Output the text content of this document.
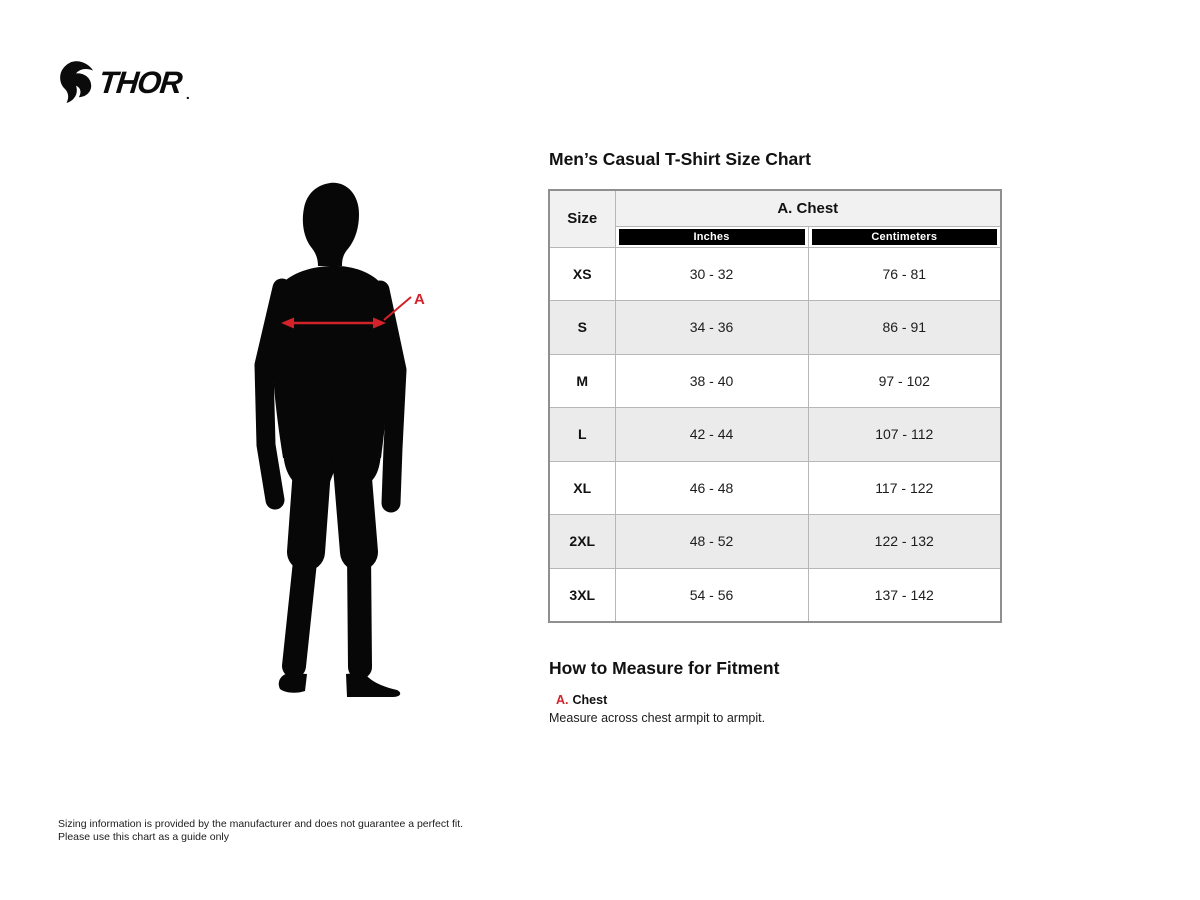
THOR .
A
Men’s Casual T-Shirt Size Chart
Size	A. Chest	

	Inches	Centimeters

XS	30 - 32	76 - 81
S	34 - 36	86 - 91
M	38 - 40	97 - 102
L	42 - 44	107 - 112
XL	46 - 48	117 - 122
2XL	48 - 52	122 - 132
3XL	54 - 56	137 - 142
How to Measure for Fitment
A. Chest
Measure across chest armpit to armpit.
Sizing information is provided by the manufacturer and does not guarantee a perfect fit.
Please use this chart as a guide only
